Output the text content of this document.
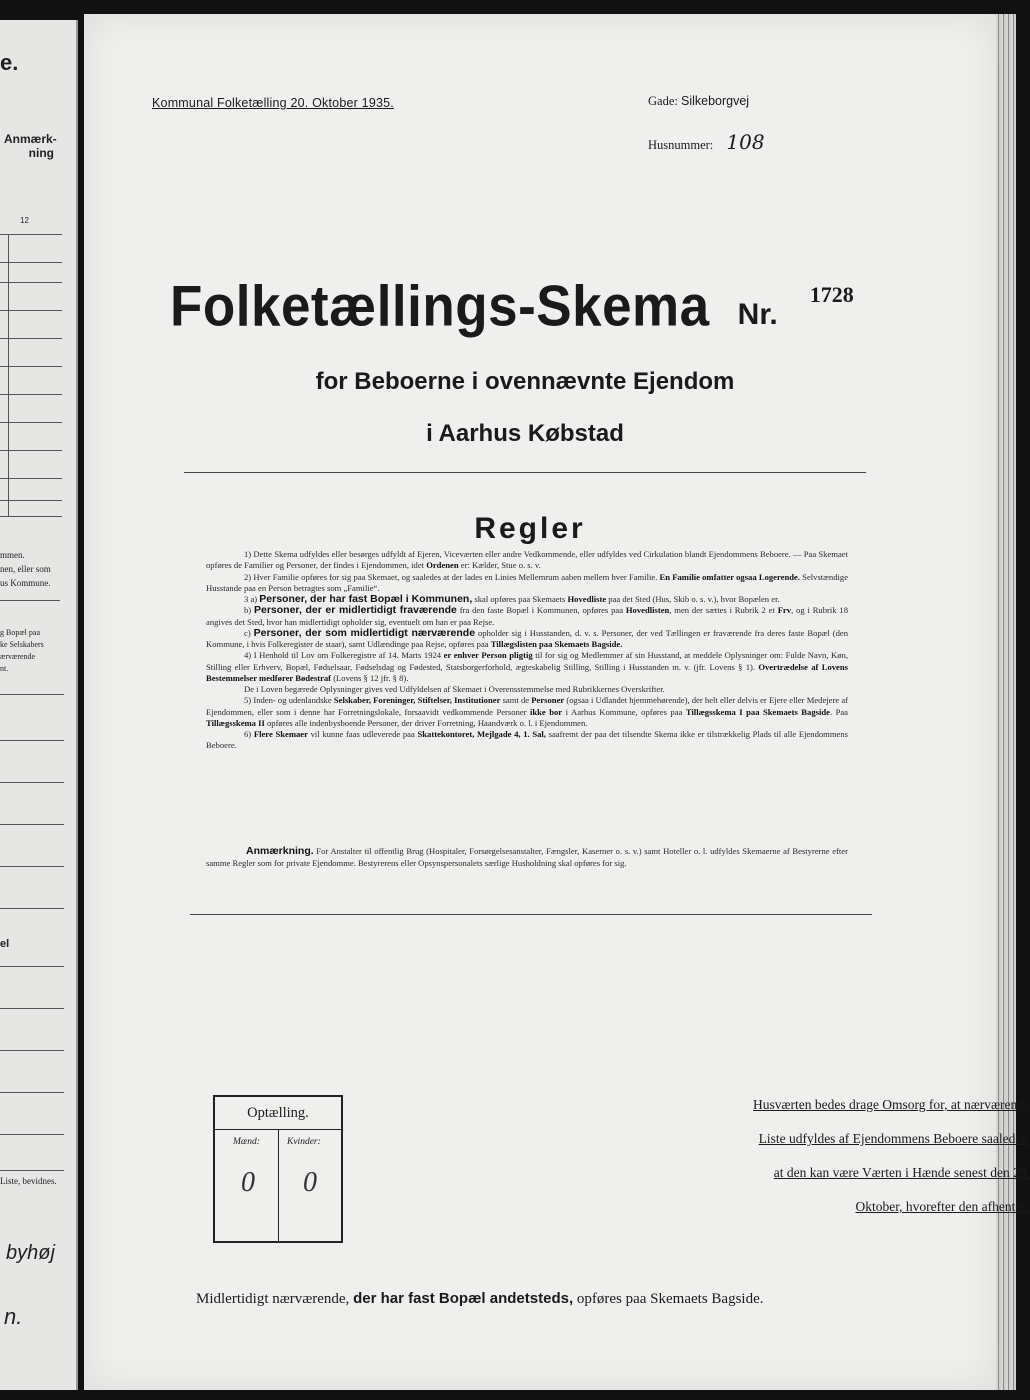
e.
Anmærk-
ning
12
mmen.
nen, eller som
us Kommune.
g Bopæl paa
ke Selskabers
ærværende
nt.
el
Liste, bevidnes.
byhøj
n.
Kommunal Folketælling 20. Oktober 1935.	Gade: Silkeborgvej
Husnummer: 108
Folketællings-Skema Nr. 1728
for Beboerne i ovennævnte Ejendom
i Aarhus Købstad
Regler

1) Dette Skema udfyldes eller besørges udfyldt af Ejeren, Viceværten eller andre Vedkommende, eller udfyldes ved Cirkulation blandt Ejendommens Beboere. — Paa Skemaet opføres de Familier og Personer, der findes i Ejendommen, idet Ordenen er: Kælder, Stue o. s. v.

2) Hver Familie opføres for sig paa Skemaet, og saaledes at der lades en Linies Mellemrum aaben mellem hver Familie. En Familie omfatter ogsaa Logerende. Selvstændige Husstande paa en Person betragtes som „Familie“.

3 a) Personer, der har fast Bopæl i Kommunen, skal opføres paa Skemaets Hovedliste paa det Sted (Hus, Skib o. s. v.), hvor Bopælen er.

b) Personer, der er midlertidigt fraværende fra den faste Bopæl i Kommunen, opføres paa Hovedlisten, men der sættes i Rubrik 2 et Frv, og i Rubrik 18 angives det Sted, hvor han midlertidigt opholder sig, eventuelt om han er paa Rejse.

c) Personer, der som midlertidigt nærværende opholder sig i Husstanden, d. v. s. Personer, der ved Tællingen er fraværende fra deres faste Bopæl (den Kommune, i hvis Folkeregister de staar), samt Udlændinge paa Rejse, opføres paa Tillægslisten paa Skemaets Bagside.

4) I Henhold til Lov om Folkeregistre af 14. Marts 1924 er enhver Person pligtig til for sig og Medlemmer af sin Husstand, at meddele Oplysninger om: Fulde Navn, Køn, Stilling eller Erhverv, Bopæl, Fødselsaar, Fødselsdag og Fødested, Statsborgerforhold, ægteskabelig Stilling, Stilling i Husstanden m. v. (jfr. Lovens § 1). Overtrædelse af Lovens Bestemmelser medfører Bødestraf (Lovens § 12 jfr. § 8).

De i Loven begærede Oplysninger gives ved Udfyldelsen af Skemaet i Overensstemmelse med Rubrikkernes Overskrifter.

5) Inden- og udenlandske Selskaber, Foreninger, Stiftelser, Institutioner samt de Personer (ogsaa i Udlandet hjemmehørende), der helt eller delvis er Ejere eller Medejere af Ejendommen, eller som i denne har Forretningslokale, forsaavidt vedkommende Personer ikke bor i Aarhus Kommune, opføres paa Tillægsskema I paa Skemaets Bagside. Paa Tillægsskema II opføres alle indenbysboende Personer, der driver Forretning, Haandværk o. l. i Ejendommen.

6) Flere Skemaer vil kunne faas udleverede paa Skattekontoret, Mejlgade 4, 1. Sal, saafremt der paa det tilsendte Skema ikke er tilstrækkelig Plads til alle Ejendommens Beboere.

Anmærkning. For Anstalter til offentlig Brug (Hospitaler, Forsørgelsesanstalter, Fængsler, Kaserner o. s. v.) samt Hoteller o. l. udfyldes Skemaerne af Bestyrerne efter samme Regler som for private Ejendomme. Bestyrerens eller Opsynspersonalets særlige Husholdning skal opføres for sig.

Optælling.
Mænd:	Kvinder:
0 0
Husværten bedes drage Omsorg for, at nærværende
Liste udfyldes af Ejendommens Beboere saaledes,
at den kan være Værten i Hænde senest den 23.
Oktober, hvorefter den afhentes.
Midlertidigt nærværende, der har fast Bopæl andetsteds, opføres paa Skemaets Bagside.
